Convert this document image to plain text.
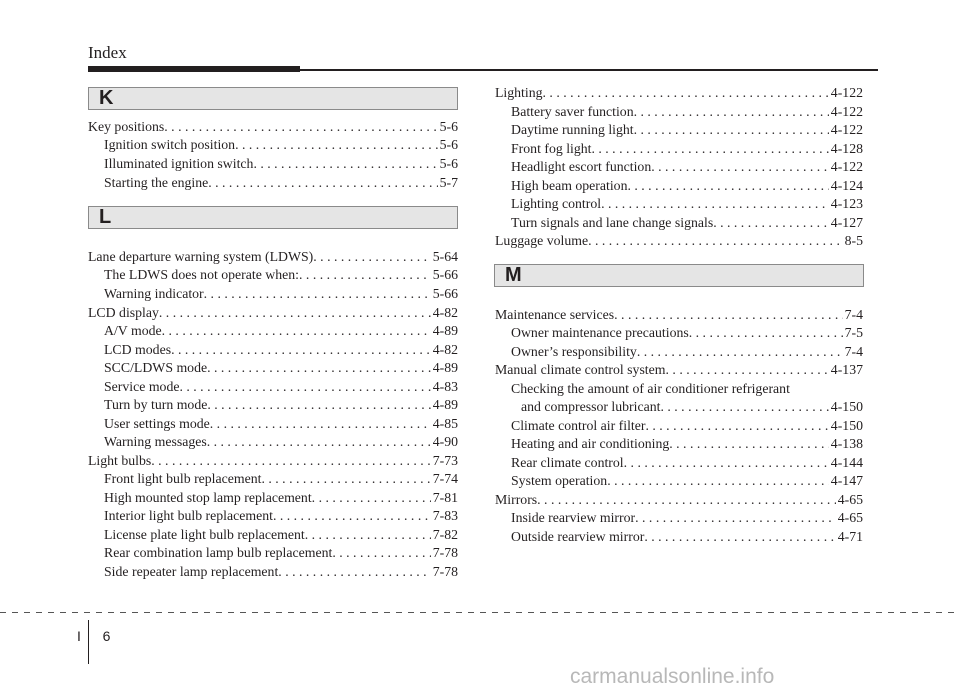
Index
K
Key positions . . .	5-6
Ignition switch position . . .	5-6
Illuminated ignition switch . . .	5-6
Starting the engine . . .	5-7
L
Lane departure warning system (LDWS) . . .	5-64
The LDWS does not operate when: . . .	5-66
Warning indicator . . .	5-66
LCD display . . .	4-82
A/V mode . . .	4-89
LCD modes . . .	4-82
SCC/LDWS mode . . .	4-89
Service mode . . .	4-83
Turn by turn mode . . .	4-89
User settings mode . . .	4-85
Warning messages . . .	4-90
Light bulbs . . .	7-73
Front light bulb replacement . . .	7-74
High mounted stop lamp replacement . . .	7-81
Interior light bulb replacement . . .	7-83
License plate light bulb replacement . . .	7-82
Rear combination lamp bulb replacement . . .	7-78
Side repeater lamp replacement . . .	7-78
Lighting . . .	4-122
Battery saver function . . .	4-122
Daytime running light . . .	4-122
Front fog light . . .	4-128
Headlight escort function . . .	4-122
High beam operation . . .	4-124
Lighting control . . .	4-123
Turn signals and lane change signals . . .	4-127
Luggage volume . . .	8-5
M
Maintenance services . . .	7-4
Owner maintenance precautions . . .	7-5
Owner’s responsibility . . .	7-4
Manual climate control system . . .	4-137
Checking the amount of air conditioner refrigerant
and compressor lubricant . . .	4-150
Climate control air filter . . .	4-150
Heating and air conditioning . . .	4-138
Rear climate control . . .	4-144
System operation . . .	4-147
Mirrors . . .	4-65
Inside rearview mirror . . .	4-65
Outside rearview mirror . . .	4-71
I 6
carmanualsonline.info
